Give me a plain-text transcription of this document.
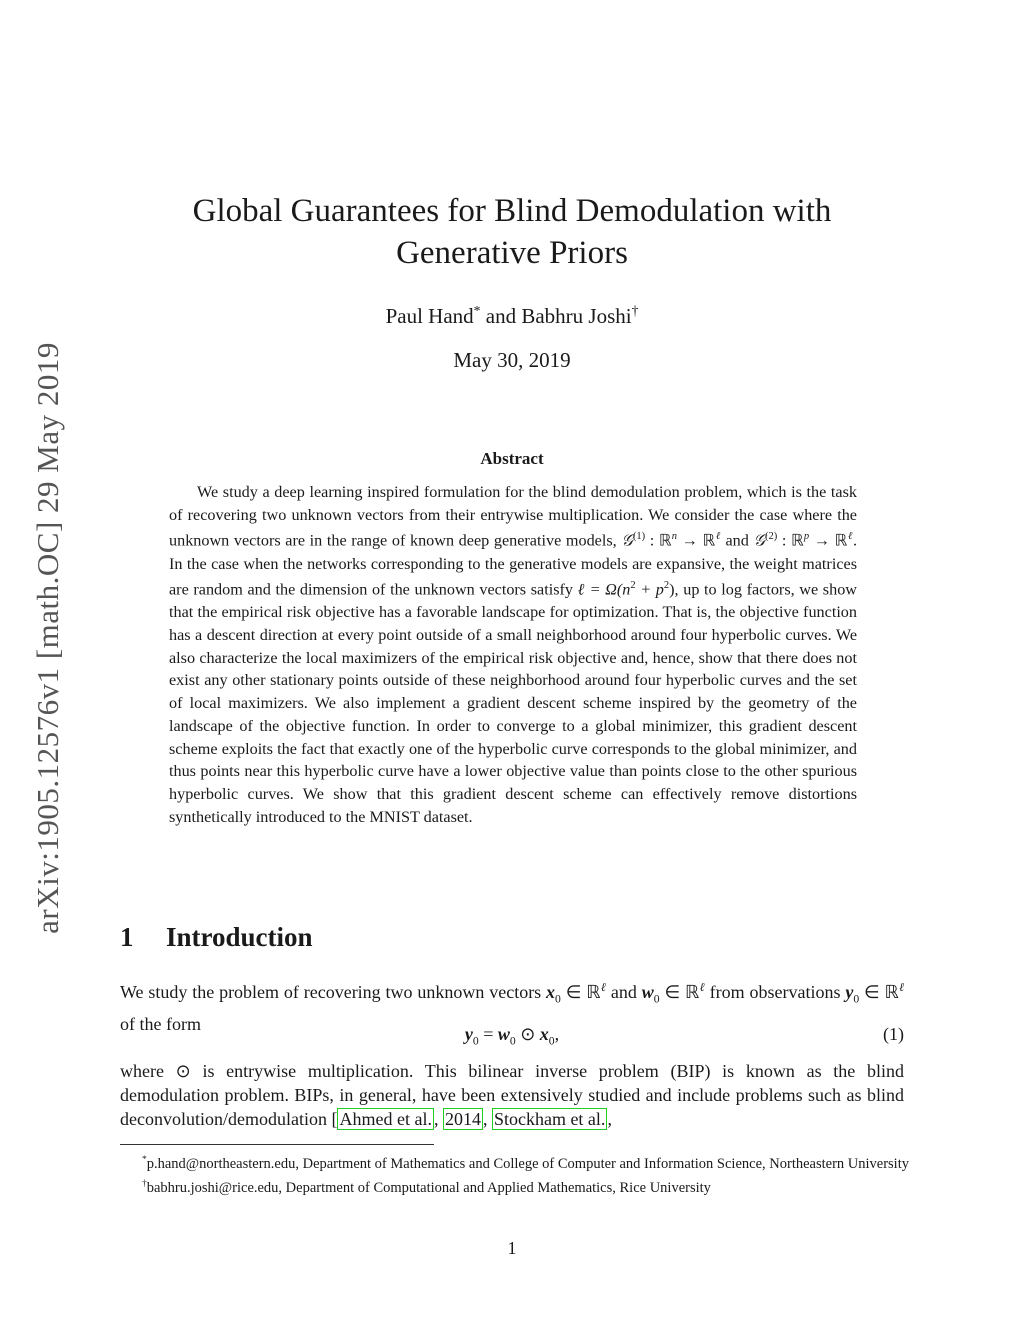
arXiv:1905.12576v1 [math.OC] 29 May 2019
Global Guarantees for Blind Demodulation with
Generative Priors
Paul Hand* and Babhru Joshi†
May 30, 2019
Abstract
We study a deep learning inspired formulation for the blind demodulation problem, which is the task of recovering two unknown vectors from their entrywise multiplication. We consider the case where the unknown vectors are in the range of known deep generative models, 𝒢$^{(1)}$ : ℝ$^n$ → ℝ$^\ell$ and 𝒢$^{(2)}$ : ℝ$^p$ → ℝ$^\ell$. In the case when the networks corresponding to the generative models are expansive, the weight matrices are random and the dimension of the unknown vectors satisfy ℓ = $\Omega(n^2 + p^2)$, up to log factors, we show that the empirical risk objective has a favorable landscape for optimization. That is, the objective function has a descent direction at every point outside of a small neighborhood around four hyperbolic curves. We also characterize the local maximizers of the empirical risk objective and, hence, show that there does not exist any other stationary points outside of these neighborhood around four hyperbolic curves and the set of local maximizers. We also implement a gradient descent scheme inspired by the geometry of the landscape of the objective function. In order to converge to a global minimizer, this gradient descent scheme exploits the fact that exactly one of the hyperbolic curve corresponds to the global minimizer, and thus points near this hyperbolic curve have a lower objective value than points close to the other spurious hyperbolic curves. We show that this gradient descent scheme can effectively remove distortions synthetically introduced to the MNIST dataset.
1 Introduction
We study the problem of recovering two unknown vectors $x_0$ ∈ ℝ$^\ell$ and $w_0$ ∈ ℝ$^\ell$ from observations $y_0$ ∈ ℝ$^\ell$ of the form
$y_0 = w_0$ ⊙ $x_0$,	(1)
where ⊙ is entrywise multiplication. This bilinear inverse problem (BIP) is known as the blind demodulation problem. BIPs, in general, have been extensively studied and include problems such as blind deconvolution/demodulation [ Ahmed et al. , 2014 , Stockham et al. ,

*p.hand@northeastern.edu, Department of Mathematics and College of Computer and Information Science, Northeastern University

†babhru.joshi@rice.edu, Department of Computational and Applied Mathematics, Rice University

1
